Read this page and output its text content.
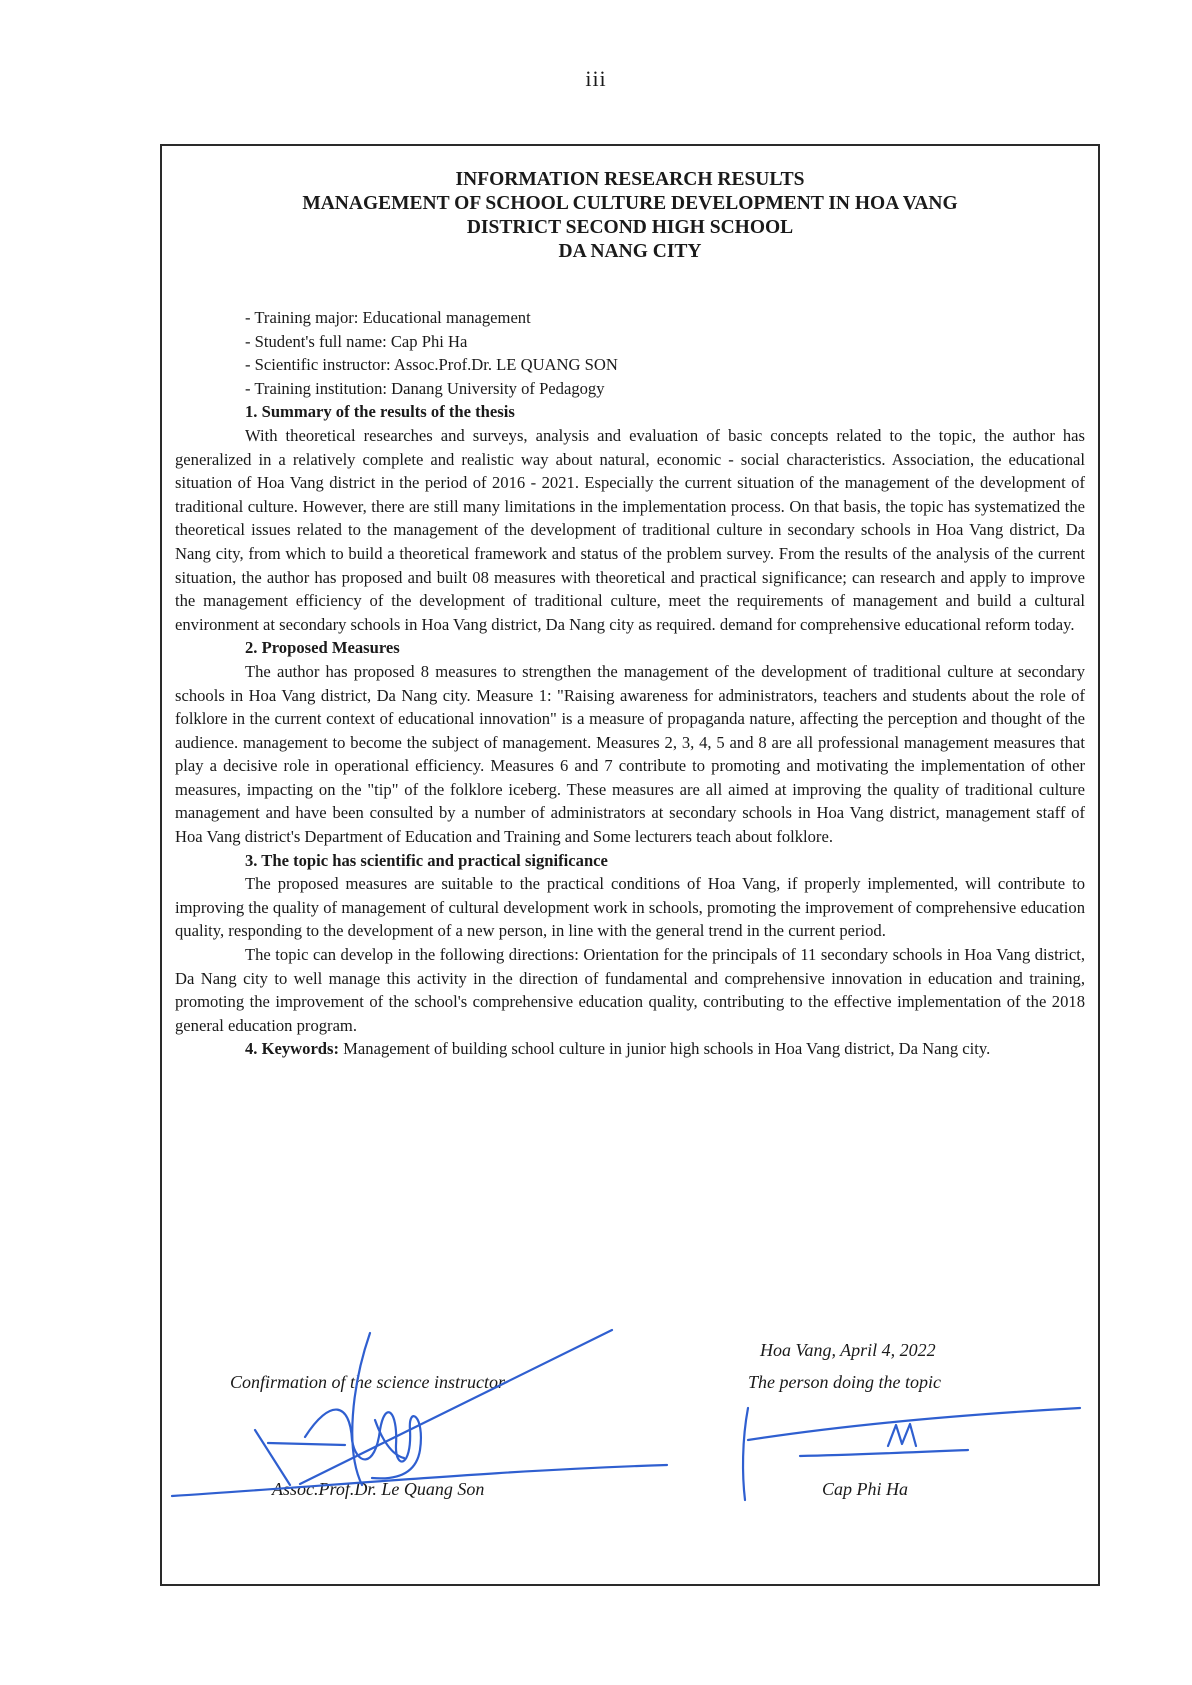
iii
INFORMATION RESEARCH RESULTS
MANAGEMENT OF SCHOOL CULTURE DEVELOPMENT IN HOA VANG
DISTRICT SECOND HIGH SCHOOL
DA NANG CITY
- Training major: Educational management
- Student's full name: Cap Phi Ha
- Scientific instructor: Assoc.Prof.Dr. LE QUANG SON
- Training institution: Danang University of Pedagogy
1. Summary of the results of the thesis

With theoretical researches and surveys, analysis and evaluation of basic concepts related to the topic, the author has generalized in a relatively complete and realistic way about natural, economic - social characteristics. Association, the educational situation of Hoa Vang district in the period of 2016 - 2021. Especially the current situation of the management of the development of traditional culture. However, there are still many limitations in the implementation process. On that basis, the topic has systematized the theoretical issues related to the management of the development of traditional culture in secondary schools in Hoa Vang district, Da Nang city, from which to build a theoretical framework and status of the problem survey. From the results of the analysis of the current situation, the author has proposed and built 08 measures with theoretical and practical significance; can research and apply to improve the management efficiency of the development of traditional culture, meet the requirements of management and build a cultural environment at secondary schools in Hoa Vang district, Da Nang city as required. demand for comprehensive educational reform today.

2. Proposed Measures

The author has proposed 8 measures to strengthen the management of the development of traditional culture at secondary schools in Hoa Vang district, Da Nang city. Measure 1: "Raising awareness for administrators, teachers and students about the role of folklore in the current context of educational innovation" is a measure of propaganda nature, affecting the perception and thought of the audience. management to become the subject of management. Measures 2, 3, 4, 5 and 8 are all professional management measures that play a decisive role in operational efficiency. Measures 6 and 7 contribute to promoting and motivating the implementation of other measures, impacting on the "tip" of the folklore iceberg. These measures are all aimed at improving the quality of traditional culture management and have been consulted by a number of administrators at secondary schools in Hoa Vang district, management staff of Hoa Vang district's Department of Education and Training and Some lecturers teach about folklore.

3. The topic has scientific and practical significance

The proposed measures are suitable to the practical conditions of Hoa Vang, if properly implemented, will contribute to improving the quality of management of cultural development work in schools, promoting the improvement of comprehensive education quality, responding to the development of a new person, in line with the general trend in the current period.

The topic can develop in the following directions: Orientation for the principals of 11 secondary schools in Hoa Vang district, Da Nang city to well manage this activity in the direction of fundamental and comprehensive innovation in education and training, promoting the improvement of the school's comprehensive education quality, contributing to the effective implementation of the 2018 general education program.

4. Keywords: Management of building school culture in junior high schools in Hoa Vang district, Da Nang city.

Hoa Vang, April 4, 2022
Confirmation of the science instructor	The person doing the topic
Assoc.Prof.Dr. Le Quang Son	Cap Phi Ha
